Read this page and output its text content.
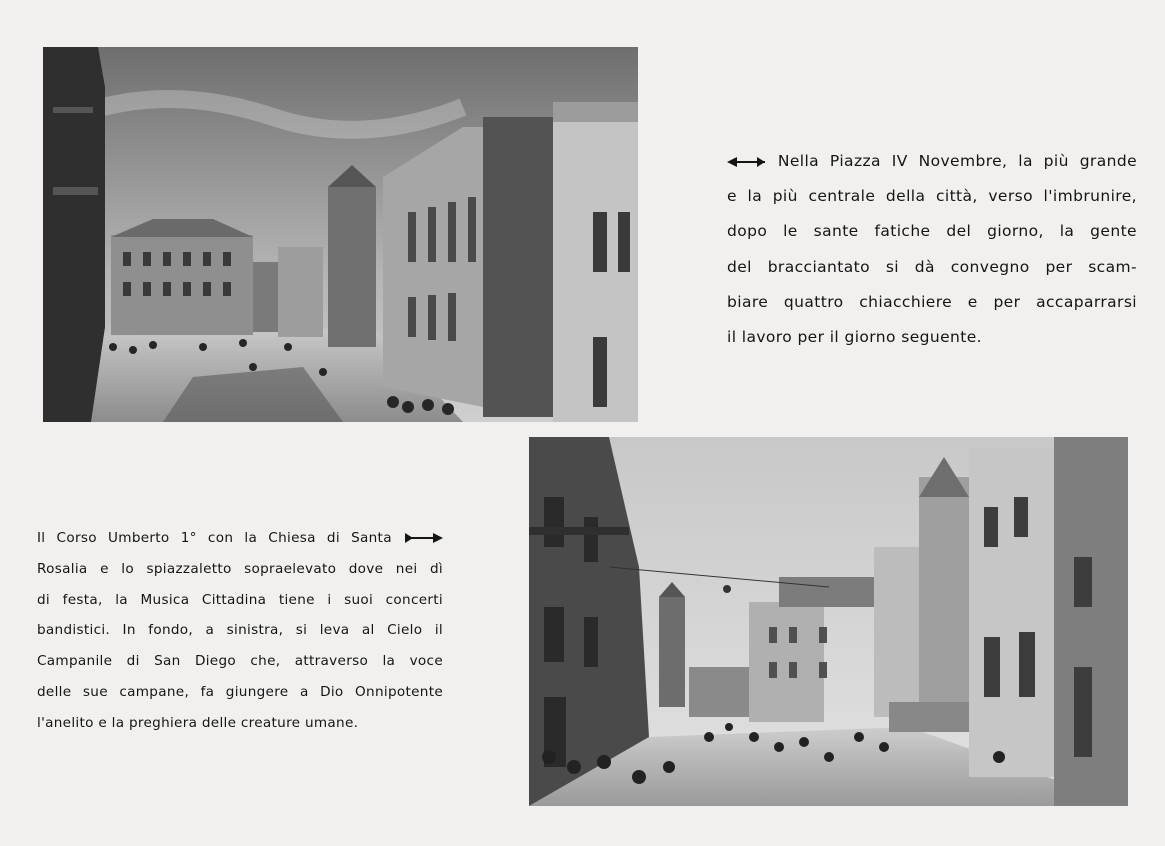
Nella Piazza IV Novembre, la più grande

e la più centrale della città, verso l'imbrunire,

dopo le sante fatiche del giorno, la gente

del bracciantato si dà convegno per scam-

biare quattro chiacchiere e per accaparrarsi

il lavoro per il giorno seguente.

Il Corso Umberto 1° con la Chiesa di Santa

Rosalia e lo spiazzaletto sopraelevato dove nei dì

di festa, la Musica Cittadina tiene i suoi concerti

bandistici. In fondo, a sinistra, si leva al Cielo il

Campanile di San Diego che, attraverso la voce

delle sue campane, fa giungere a Dio Onnipotente

l'anelito e la preghiera delle creature umane.
